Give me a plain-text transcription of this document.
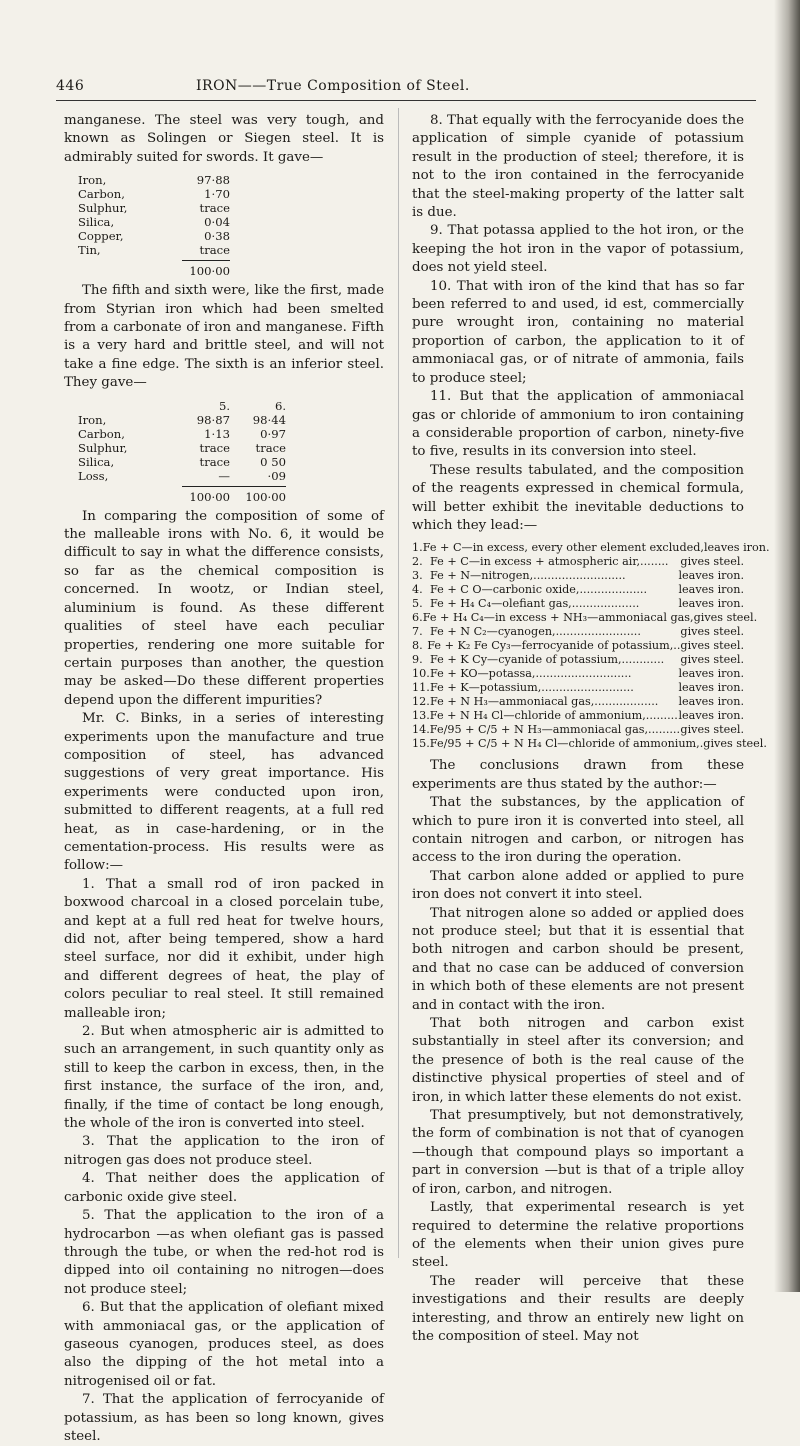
446	IRON——True Composition of Steel.

manganese. The steel was very tough, and known as Solingen or Siegen steel. It is admirably suited for swords. It gave—

Iron,	97·88
Carbon,	1·70
Sulphur,	trace
Silica,	0·04
Copper,	0·38
Tin,	trace
100·00

The fifth and sixth were, like the first, made from Styrian iron which had been smelted from a carbonate of iron and manganese. Fifth is a very hard and brittle steel, and will not take a fine edge. The sixth is an inferior steel. They gave—

5.	6.
Iron,	98·87	98·44
Carbon,	1·13	0·97
Sulphur,	trace	trace
Silica,	trace	0 50
Loss,	—	·09
100·00	100·00

In comparing the composition of some of the malleable irons with No. 6, it would be difficult to say in what the difference consists, so far as the chemical composition is concerned. In wootz, or Indian steel, aluminium is found. As these different qualities of steel have each peculiar properties, rendering one more suitable for certain purposes than another, the question may be asked—Do these different properties depend upon the different impurities?

Mr. C. Binks, in a series of interesting experiments upon the manufacture and true composition of steel, has advanced suggestions of very great importance. His experiments were conducted upon iron, submitted to different reagents, at a full red heat, as in case-hardening, or in the cementation-process. His results were as follow:—

1. That a small rod of iron packed in boxwood charcoal in a closed porcelain tube, and kept at a full red heat for twelve hours, did not, after being tempered, show a hard steel surface, nor did it exhibit, under high and different degrees of heat, the play of colors peculiar to real steel. It still remained malleable iron;

2. But when atmospheric air is admitted to such an arrangement, in such quantity only as still to keep the carbon in excess, then, in the first instance, the surface of the iron, and, finally, if the time of contact be long enough, the whole of the iron is converted into steel.

3. That the application to the iron of nitrogen gas does not produce steel.

4. That neither does the application of carbonic oxide give steel.

5. That the application to the iron of a hydrocarbon —as when olefiant gas is passed through the tube, or when the red-hot rod is dipped into oil containing no nitrogen—does not produce steel;

6. But that the application of olefiant mixed with ammoniacal gas, or the application of gaseous cyanogen, produces steel, as does also the dipping of the hot metal into a nitrogenised oil or fat.

7. That the application of ferrocyanide of potassium, as has been so long known, gives steel.

8. That equally with the ferrocyanide does the application of simple cyanide of potassium result in the production of steel; therefore, it is not to the iron contained in the ferrocyanide that the steel-making property of the latter salt is due.

9. That potassa applied to the hot iron, or the keeping the hot iron in the vapor of potassium, does not yield steel.

10. That with iron of the kind that has so far been referred to and used, id est, commercially pure wrought iron, containing no material proportion of carbon, the application to it of ammoniacal gas, or of nitrate of ammonia, fails to produce steel;

11. But that the application of ammoniacal gas or chloride of ammonium to iron containing a considerable proportion of carbon, ninety-five to five, results in its conversion into steel.

These results tabulated, and the composition of the reagents expressed in chemical formula, will better exhibit the inevitable deductions to which they lead:—

1. Fe + C—in excess, every other element excluded, leaves iron.
2. Fe + C—in excess + atmospheric air,........	gives steel.
3. Fe + N—nitrogen,..........................	leaves iron.
4. Fe + C O—carbonic oxide,...................	leaves iron.
5. Fe + H₄ C₄—olefiant gas,...................	leaves iron.
6. Fe + H₄ C₄—in excess + NH₃—ammoniacal gas, gives steel.
7. Fe + N C₂—cyanogen,........................	gives steel.
8. Fe + K₂ Fe Cy₃—ferrocyanide of potassium,.. gives steel.
9. Fe + K Cy—cyanide of potassium,............	gives steel.
10. Fe + KO—potassa,...........................	leaves iron.
11. Fe + K—potassium,..........................	leaves iron.
12. Fe + N H₃—ammoniacal gas,..................	leaves iron.
13. Fe + N H₄ Cl—chloride of ammonium,......... leaves iron.
14. Fe/95 + C/5 + N H₃—ammoniacal gas,......... gives steel.
15. Fe/95 + C/5 + N H₄ Cl—chloride of ammonium,. gives steel.

The conclusions drawn from these experiments are thus stated by the author:—

That the substances, by the application of which to pure iron it is converted into steel, all contain nitrogen and carbon, or nitrogen has access to the iron during the operation.

That carbon alone added or applied to pure iron does not convert it into steel.

That nitrogen alone so added or applied does not produce steel; but that it is essential that both nitrogen and carbon should be present, and that no case can be adduced of conversion in which both of these elements are not present and in contact with the iron.

That both nitrogen and carbon exist substantially in steel after its conversion; and the presence of both is the real cause of the distinctive physical properties of steel and of iron, in which latter these elements do not exist.

That presumptively, but not demonstratively, the form of combination is not that of cyanogen—though that compound plays so important a part in conversion —but is that of a triple alloy of iron, carbon, and nitrogen.

Lastly, that experimental research is yet required to determine the relative proportions of the elements when their union gives pure steel.

The reader will perceive that these investigations and their results are deeply interesting, and throw an entirely new light on the composition of steel. May not
